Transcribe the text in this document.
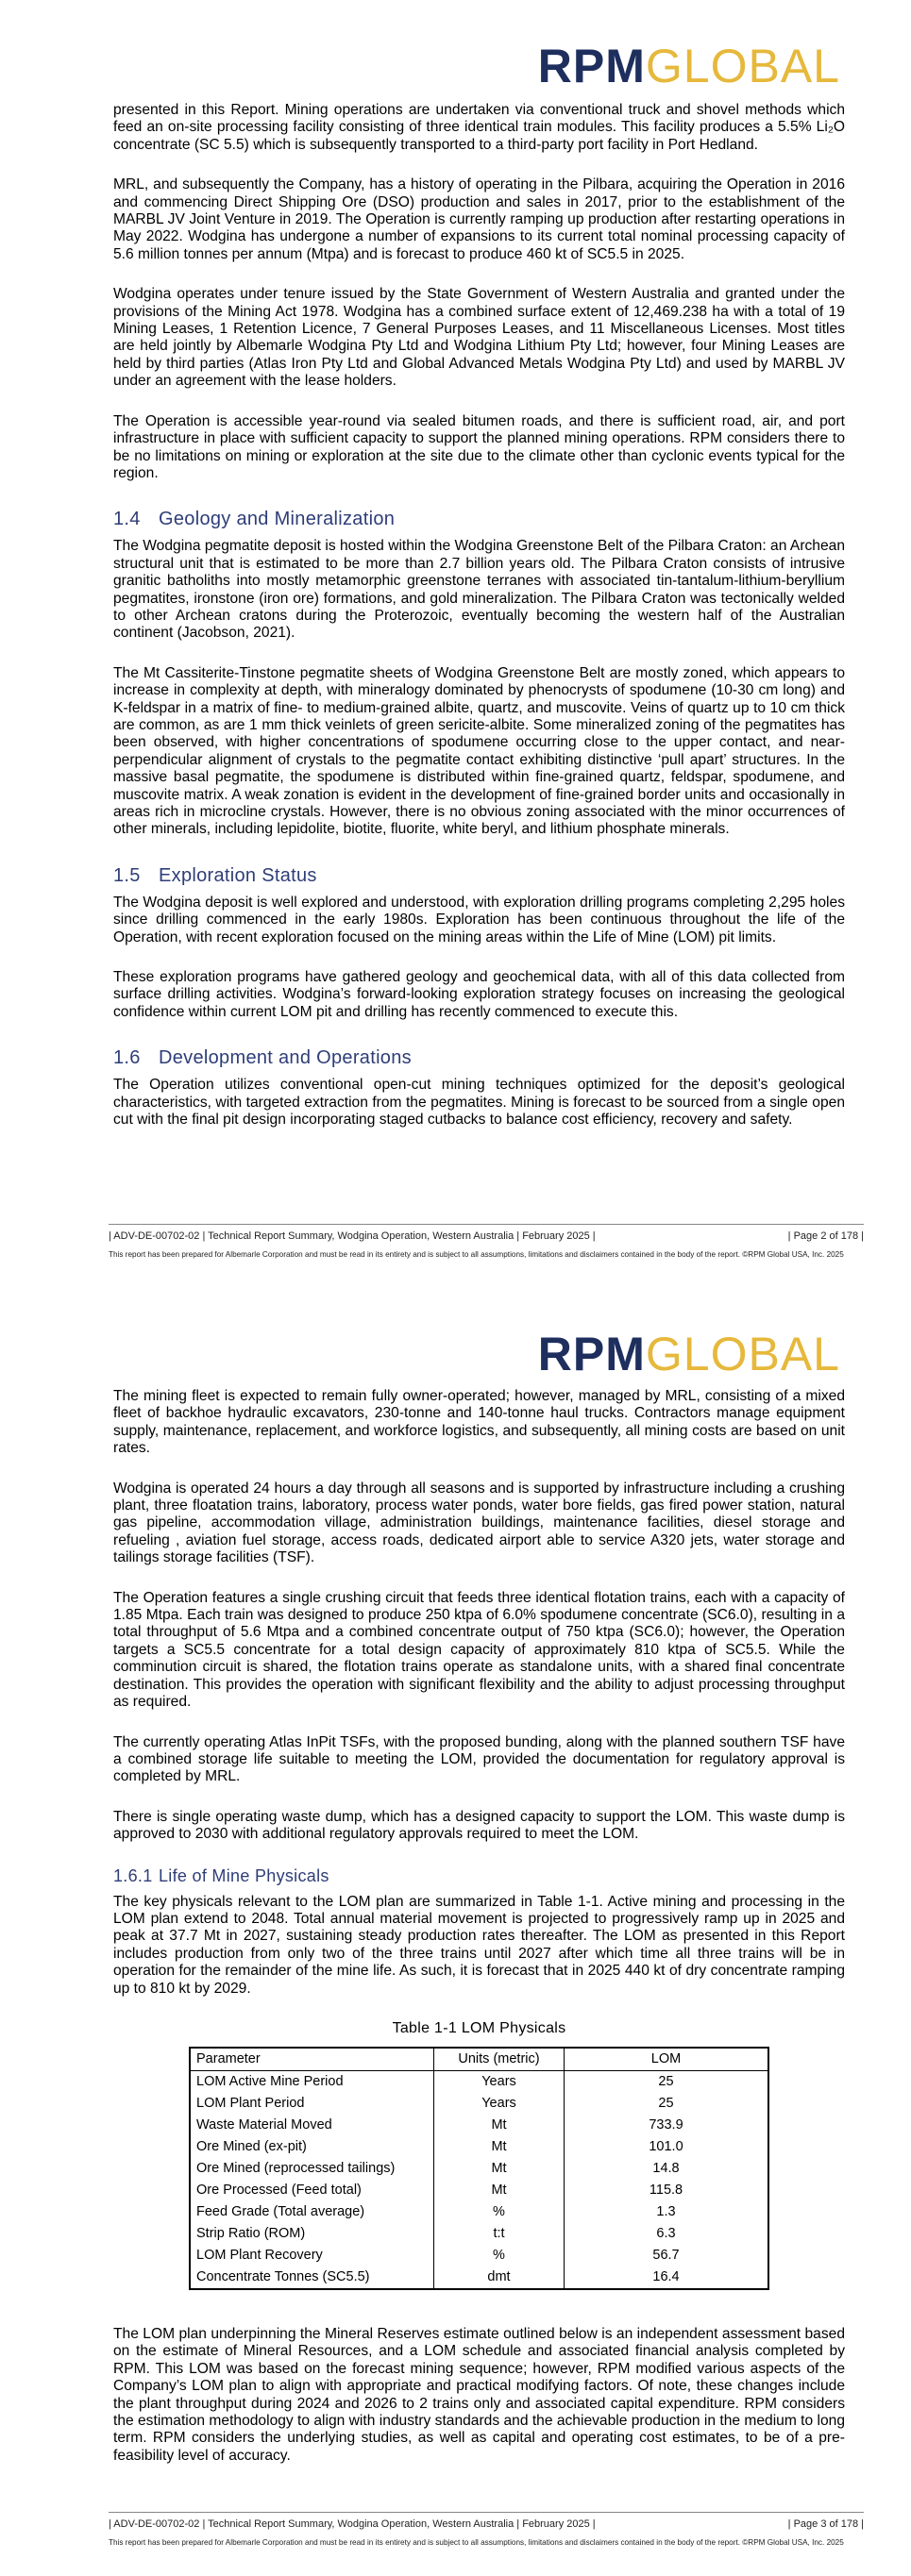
RPMGLOBAL

presented in this Report. Mining operations are undertaken via conventional truck and shovel methods which feed an on-site processing facility consisting of three identical train modules. This facility produces a 5.5% Li₂O concentrate (SC 5.5) which is subsequently transported to a third-party port facility in Port Hedland.

MRL, and subsequently the Company, has a history of operating in the Pilbara, acquiring the Operation in 2016 and commencing Direct Shipping Ore (DSO) production and sales in 2017, prior to the establishment of the MARBL JV Joint Venture in 2019. The Operation is currently ramping up production after restarting operations in May 2022. Wodgina has undergone a number of expansions to its current total nominal processing capacity of 5.6 million tonnes per annum (Mtpa) and is forecast to produce 460 kt of SC5.5 in 2025.

Wodgina operates under tenure issued by the State Government of Western Australia and granted under the provisions of the Mining Act 1978. Wodgina has a combined surface extent of 12,469.238 ha with a total of 19 Mining Leases, 1 Retention Licence, 7 General Purposes Leases, and 11 Miscellaneous Licenses. Most titles are held jointly by Albemarle Wodgina Pty Ltd and Wodgina Lithium Pty Ltd; however, four Mining Leases are held by third parties (Atlas Iron Pty Ltd and Global Advanced Metals Wodgina Pty Ltd) and used by MARBL JV under an agreement with the lease holders.

The Operation is accessible year-round via sealed bitumen roads, and there is sufficient road, air, and port infrastructure in place with sufficient capacity to support the planned mining operations. RPM considers there to be no limitations on mining or exploration at the site due to the climate other than cyclonic events typical for the region.

1.4 Geology and Mineralization

The Wodgina pegmatite deposit is hosted within the Wodgina Greenstone Belt of the Pilbara Craton: an Archean structural unit that is estimated to be more than 2.7 billion years old. The Pilbara Craton consists of intrusive granitic batholiths into mostly metamorphic greenstone terranes with associated tin-tantalum-lithium-beryllium pegmatites, ironstone (iron ore) formations, and gold mineralization. The Pilbara Craton was tectonically welded to other Archean cratons during the Proterozoic, eventually becoming the western half of the Australian continent (Jacobson, 2021).

The Mt Cassiterite-Tinstone pegmatite sheets of Wodgina Greenstone Belt are mostly zoned, which appears to increase in complexity at depth, with mineralogy dominated by phenocrysts of spodumene (10-30 cm long) and K-feldspar in a matrix of fine- to medium-grained albite, quartz, and muscovite. Veins of quartz up to 10 cm thick are common, as are 1 mm thick veinlets of green sericite-albite. Some mineralized zoning of the pegmatites has been observed, with higher concentrations of spodumene occurring close to the upper contact, and near-perpendicular alignment of crystals to the pegmatite contact exhibiting distinctive ‘pull apart’ structures. In the massive basal pegmatite, the spodumene is distributed within fine-grained quartz, feldspar, spodumene, and muscovite matrix. A weak zonation is evident in the development of fine-grained border units and occasionally in areas rich in microcline crystals. However, there is no obvious zoning associated with the minor occurrences of other minerals, including lepidolite, biotite, fluorite, white beryl, and lithium phosphate minerals.

1.5 Exploration Status

The Wodgina deposit is well explored and understood, with exploration drilling programs completing 2,295 holes since drilling commenced in the early 1980s. Exploration has been continuous throughout the life of the Operation, with recent exploration focused on the mining areas within the Life of Mine (LOM) pit limits.

These exploration programs have gathered geology and geochemical data, with all of this data collected from surface drilling activities. Wodgina’s forward-looking exploration strategy focuses on increasing the geological confidence within current LOM pit and drilling has recently commenced to execute this.

1.6 Development and Operations

The Operation utilizes conventional open-cut mining techniques optimized for the deposit’s geological characteristics, with targeted extraction from the pegmatites. Mining is forecast to be sourced from a single open cut with the final pit design incorporating staged cutbacks to balance cost efficiency, recovery and safety.

| ADV-DE-00702-02 | Technical Report Summary, Wodgina Operation, Western Australia | February 2025 |	| Page 2 of 178 |
This report has been prepared for Albemarle Corporation and must be read in its entirety and is subject to all assumptions, limitations and disclaimers contained in the body of the report. ©RPM Global USA, Inc. 2025
RPMGLOBAL

The mining fleet is expected to remain fully owner-operated; however, managed by MRL, consisting of a mixed fleet of backhoe hydraulic excavators, 230-tonne and 140-tonne haul trucks. Contractors manage equipment supply, maintenance, replacement, and workforce logistics, and subsequently, all mining costs are based on unit rates.

Wodgina is operated 24 hours a day through all seasons and is supported by infrastructure including a crushing plant, three floatation trains, laboratory, process water ponds, water bore fields, gas fired power station, natural gas pipeline, accommodation village, administration buildings, maintenance facilities, diesel storage and refueling , aviation fuel storage, access roads, dedicated airport able to service A320 jets, water storage and tailings storage facilities (TSF).

The Operation features a single crushing circuit that feeds three identical flotation trains, each with a capacity of 1.85 Mtpa. Each train was designed to produce 250 ktpa of 6.0% spodumene concentrate (SC6.0), resulting in a total throughput of 5.6 Mtpa and a combined concentrate output of 750 ktpa (SC6.0); however, the Operation targets a SC5.5 concentrate for a total design capacity of approximately 810 ktpa of SC5.5. While the comminution circuit is shared, the flotation trains operate as standalone units, with a shared final concentrate destination. This provides the operation with significant flexibility and the ability to adjust processing throughput as required.

The currently operating Atlas InPit TSFs, with the proposed bunding, along with the planned southern TSF have a combined storage life suitable to meeting the LOM, provided the documentation for regulatory approval is completed by MRL.

There is single operating waste dump, which has a designed capacity to support the LOM. This waste dump is approved to 2030 with additional regulatory approvals required to meet the LOM.

1.6.1 Life of Mine Physicals

The key physicals relevant to the LOM plan are summarized in Table 1-1. Active mining and processing in the LOM plan extend to 2048. Total annual material movement is projected to progressively ramp up in 2025 and peak at 37.7 Mt in 2027, sustaining steady production rates thereafter. The LOM as presented in this Report includes production from only two of the three trains until 2027 after which time all three trains will be in operation for the remainder of the mine life. As such, it is forecast that in 2025 440 kt of dry concentrate ramping up to 810 kt by 2029.

Table 1-1 LOM Physicals

Parameter	Units (metric)	LOM
LOM Active Mine Period	Years	25
LOM Plant Period	Years	25
Waste Material Moved	Mt	733.9
Ore Mined (ex-pit)	Mt	101.0
Ore Mined (reprocessed tailings)	Mt	14.8
Ore Processed (Feed total)	Mt	115.8
Feed Grade (Total average)	%	1.3
Strip Ratio (ROM)	t:t	6.3
LOM Plant Recovery	%	56.7
Concentrate Tonnes (SC5.5)	dmt	16.4

The LOM plan underpinning the Mineral Reserves estimate outlined below is an independent assessment based on the estimate of Mineral Resources, and a LOM schedule and associated financial analysis completed by RPM. This LOM was based on the forecast mining sequence; however, RPM modified various aspects of the Company’s LOM plan to align with appropriate and practical modifying factors. Of note, these changes include the plant throughput during 2024 and 2026 to 2 trains only and associated capital expenditure. RPM considers the estimation methodology to align with industry standards and the achievable production in the medium to long term. RPM considers the underlying studies, as well as capital and operating cost estimates, to be of a pre-feasibility level of accuracy.

| ADV-DE-00702-02 | Technical Report Summary, Wodgina Operation, Western Australia | February 2025 |	| Page 3 of 178 |
This report has been prepared for Albemarle Corporation and must be read in its entirety and is subject to all assumptions, limitations and disclaimers contained in the body of the report. ©RPM Global USA, Inc. 2025
